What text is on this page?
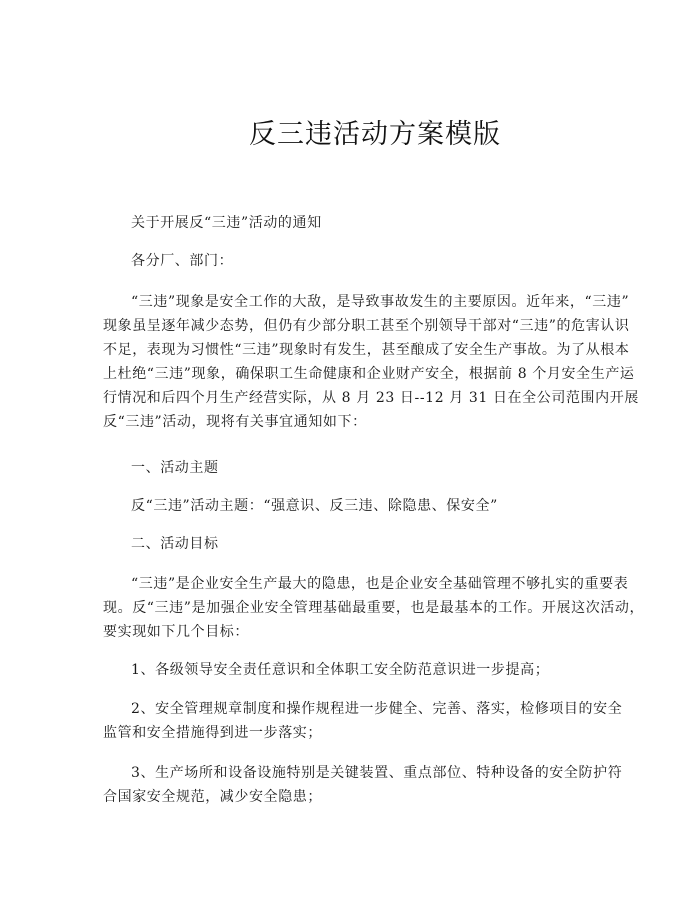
反三违活动方案模版
关于开展反“三违”活动的通知
各分厂、部门：
“三违”现象是安全工作的大敌，是导致事故发生的主要原因。近年来，“三违”
现象虽呈逐年减少态势，但仍有少部分职工甚至个别领导干部对“三违”的危害认识
不足，表现为习惯性“三违”现象时有发生，甚至酿成了安全生产事故。为了从根本
上杜绝“三违”现象，确保职工生命健康和企业财产安全，根据前 8 个月安全生产运
行情况和后四个月生产经营实际，从 8 月 23 日--12 月 31 日在全公司范围内开展
反“三违”活动，现将有关事宜通知如下：
一、活动主题
反“三违”活动主题：“强意识、反三违、除隐患、保安全”
二、活动目标
“三违”是企业安全生产最大的隐患，也是企业安全基础管理不够扎实的重要表
现。反“三违”是加强企业安全管理基础最重要，也是最基本的工作。开展这次活动，
要实现如下几个目标：
1、各级领导安全责任意识和全体职工安全防范意识进一步提高；
2、安全管理规章制度和操作规程进一步健全、完善、落实，检修项目的安全
监管和安全措施得到进一步落实；
3、生产场所和设备设施特别是关键装置、重点部位、特种设备的安全防护符
合国家安全规范，减少安全隐患；
